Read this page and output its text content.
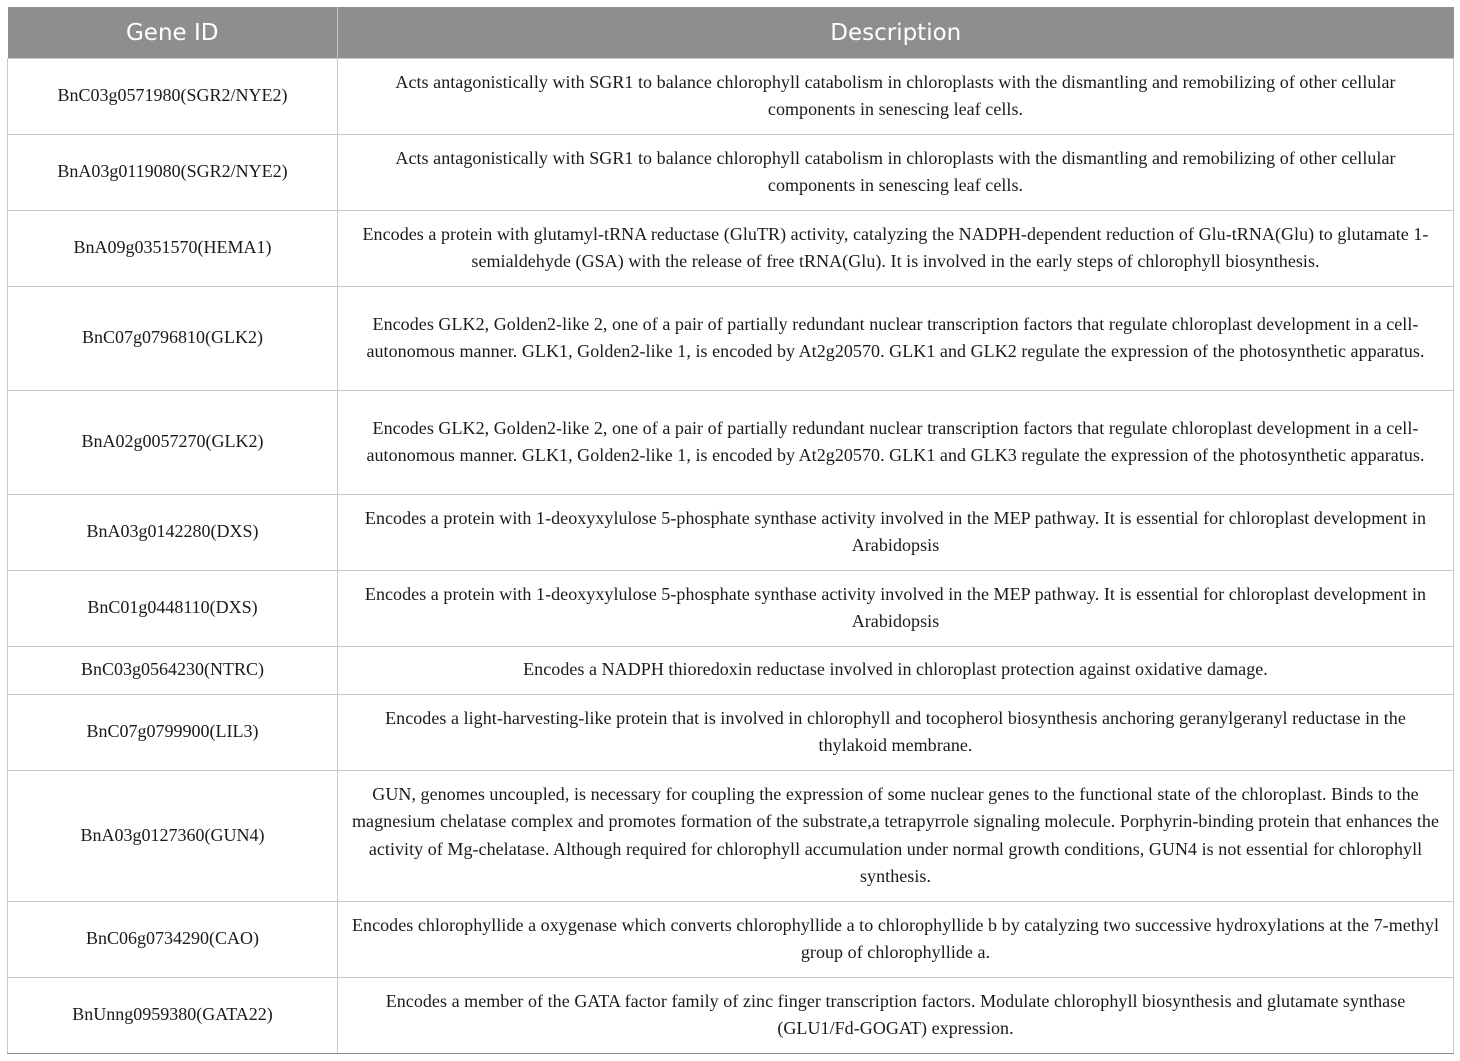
Gene ID	Description
BnC03g0571980(SGR2/NYE2)	Acts antagonistically with SGR1 to balance chlorophyll catabolism in chloroplasts with the dismantling and remobilizing of other cellular components in senescing leaf cells.
BnA03g0119080(SGR2/NYE2)	Acts antagonistically with SGR1 to balance chlorophyll catabolism in chloroplasts with the dismantling and remobilizing of other cellular components in senescing leaf cells.
BnA09g0351570(HEMA1)	Encodes a protein with glutamyl-tRNA reductase (GluTR) activity, catalyzing the NADPH-dependent reduction of Glu-tRNA(Glu) to glutamate 1-semialdehyde (GSA) with the release of free tRNA(Glu). It is involved in the early steps of chlorophyll biosynthesis.
BnC07g0796810(GLK2)	Encodes GLK2, Golden2-like 2, one of a pair of partially redundant nuclear transcription factors that regulate chloroplast development in a cell-autonomous manner. GLK1, Golden2-like 1, is encoded by At2g20570. GLK1 and GLK2 regulate the expression of the photosynthetic apparatus.
BnA02g0057270(GLK2)	Encodes GLK2, Golden2-like 2, one of a pair of partially redundant nuclear transcription factors that regulate chloroplast development in a cell-autonomous manner. GLK1, Golden2-like 1, is encoded by At2g20570. GLK1 and GLK3 regulate the expression of the photosynthetic apparatus.
BnA03g0142280(DXS)	Encodes a protein with 1-deoxyxylulose 5-phosphate synthase activity involved in the MEP pathway. It is essential for chloroplast development in Arabidopsis
BnC01g0448110(DXS)	Encodes a protein with 1-deoxyxylulose 5-phosphate synthase activity involved in the MEP pathway. It is essential for chloroplast development in Arabidopsis
BnC03g0564230(NTRC)	Encodes a NADPH thioredoxin reductase involved in chloroplast protection against oxidative damage.
BnC07g0799900(LIL3)	Encodes a light-harvesting-like protein that is involved in chlorophyll and tocopherol biosynthesis anchoring geranylgeranyl reductase in the thylakoid membrane.
BnA03g0127360(GUN4)	GUN, genomes uncoupled, is necessary for coupling the expression of some nuclear genes to the functional state of the chloroplast. Binds to the magnesium chelatase complex and promotes formation of the substrate,a tetrapyrrole signaling molecule. Porphyrin-binding protein that enhances the activity of Mg-chelatase. Although required for chlorophyll accumulation under normal growth conditions, GUN4 is not essential for chlorophyll synthesis.
BnC06g0734290(CAO)	Encodes chlorophyllide a oxygenase which converts chlorophyllide a to chlorophyllide b by catalyzing two successive hydroxylations at the 7-methyl group of chlorophyllide a.
BnUnng0959380(GATA22)	Encodes a member of the GATA factor family of zinc finger transcription factors. Modulate chlorophyll biosynthesis and glutamate synthase (GLU1/Fd-GOGAT) expression.
